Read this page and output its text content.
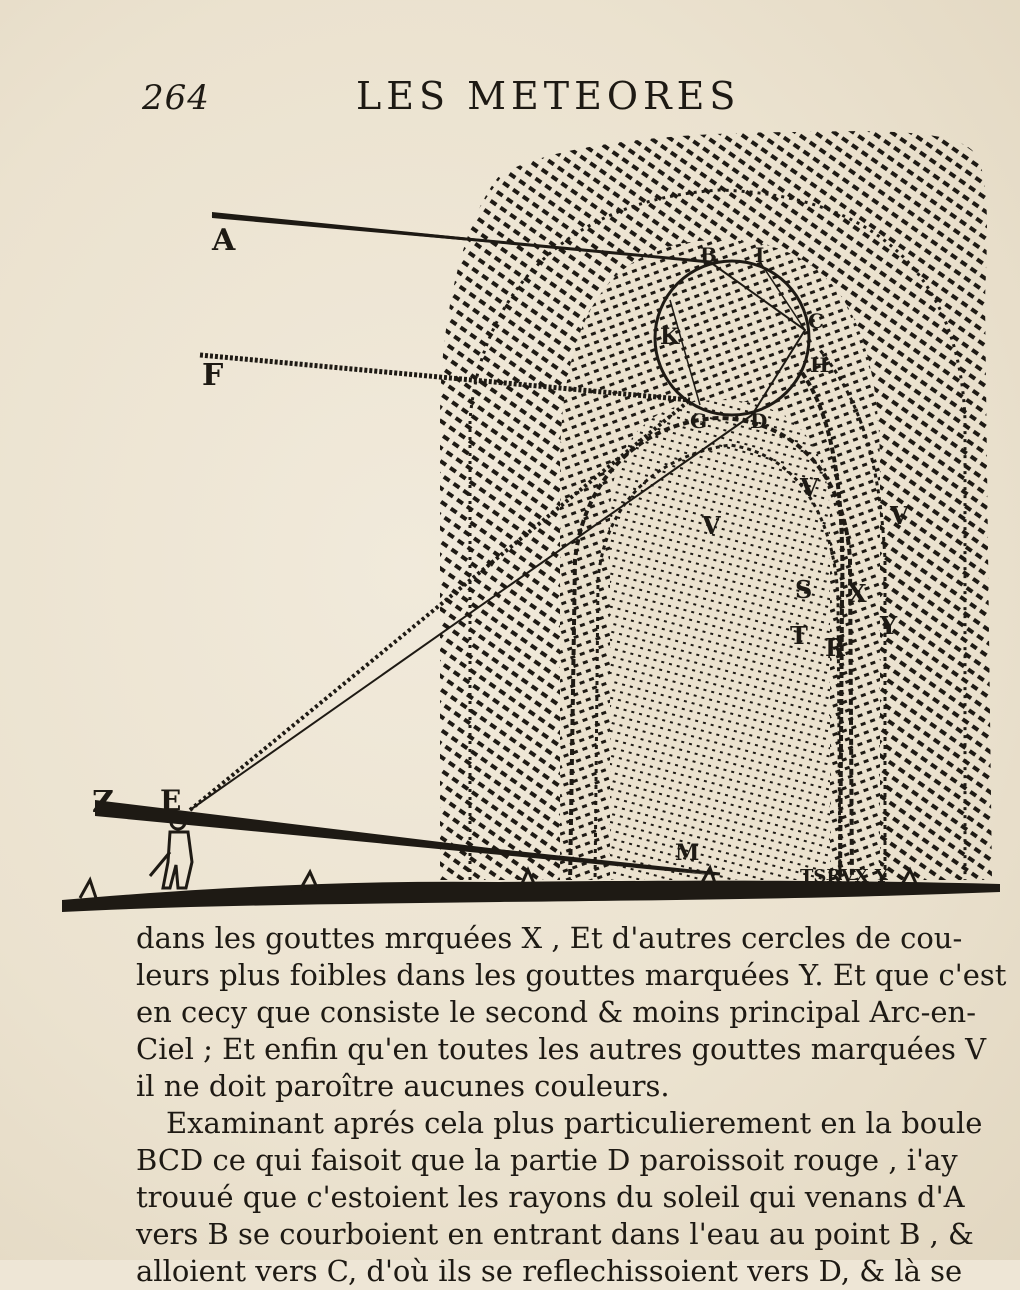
264	LES METEORES
A
F
Z E
B I
C
H
K
G D
V
V	V
S X
T	Y
R
M
TSRVX Y
dans les gouttes mrquées X , Et d'autres cercles de cou-
leurs plus foibles dans les gouttes marquées Y. Et que c'est
en cecy que consiste le second & moins principal Arc-en-
Ciel ; Et enfin qu'en toutes les autres gouttes marquées V
il ne doit paroître aucunes couleurs.
Examinant aprés cela plus particulierement en la boule
BCD ce qui faisoit que la partie D paroissoit rouge , i'ay
trouué que c'estoient les rayons du soleil qui venans d'A
vers B se courboient en entrant dans l'eau au point B , &
alloient vers C, d'où ils se reflechissoient vers D, & là se
